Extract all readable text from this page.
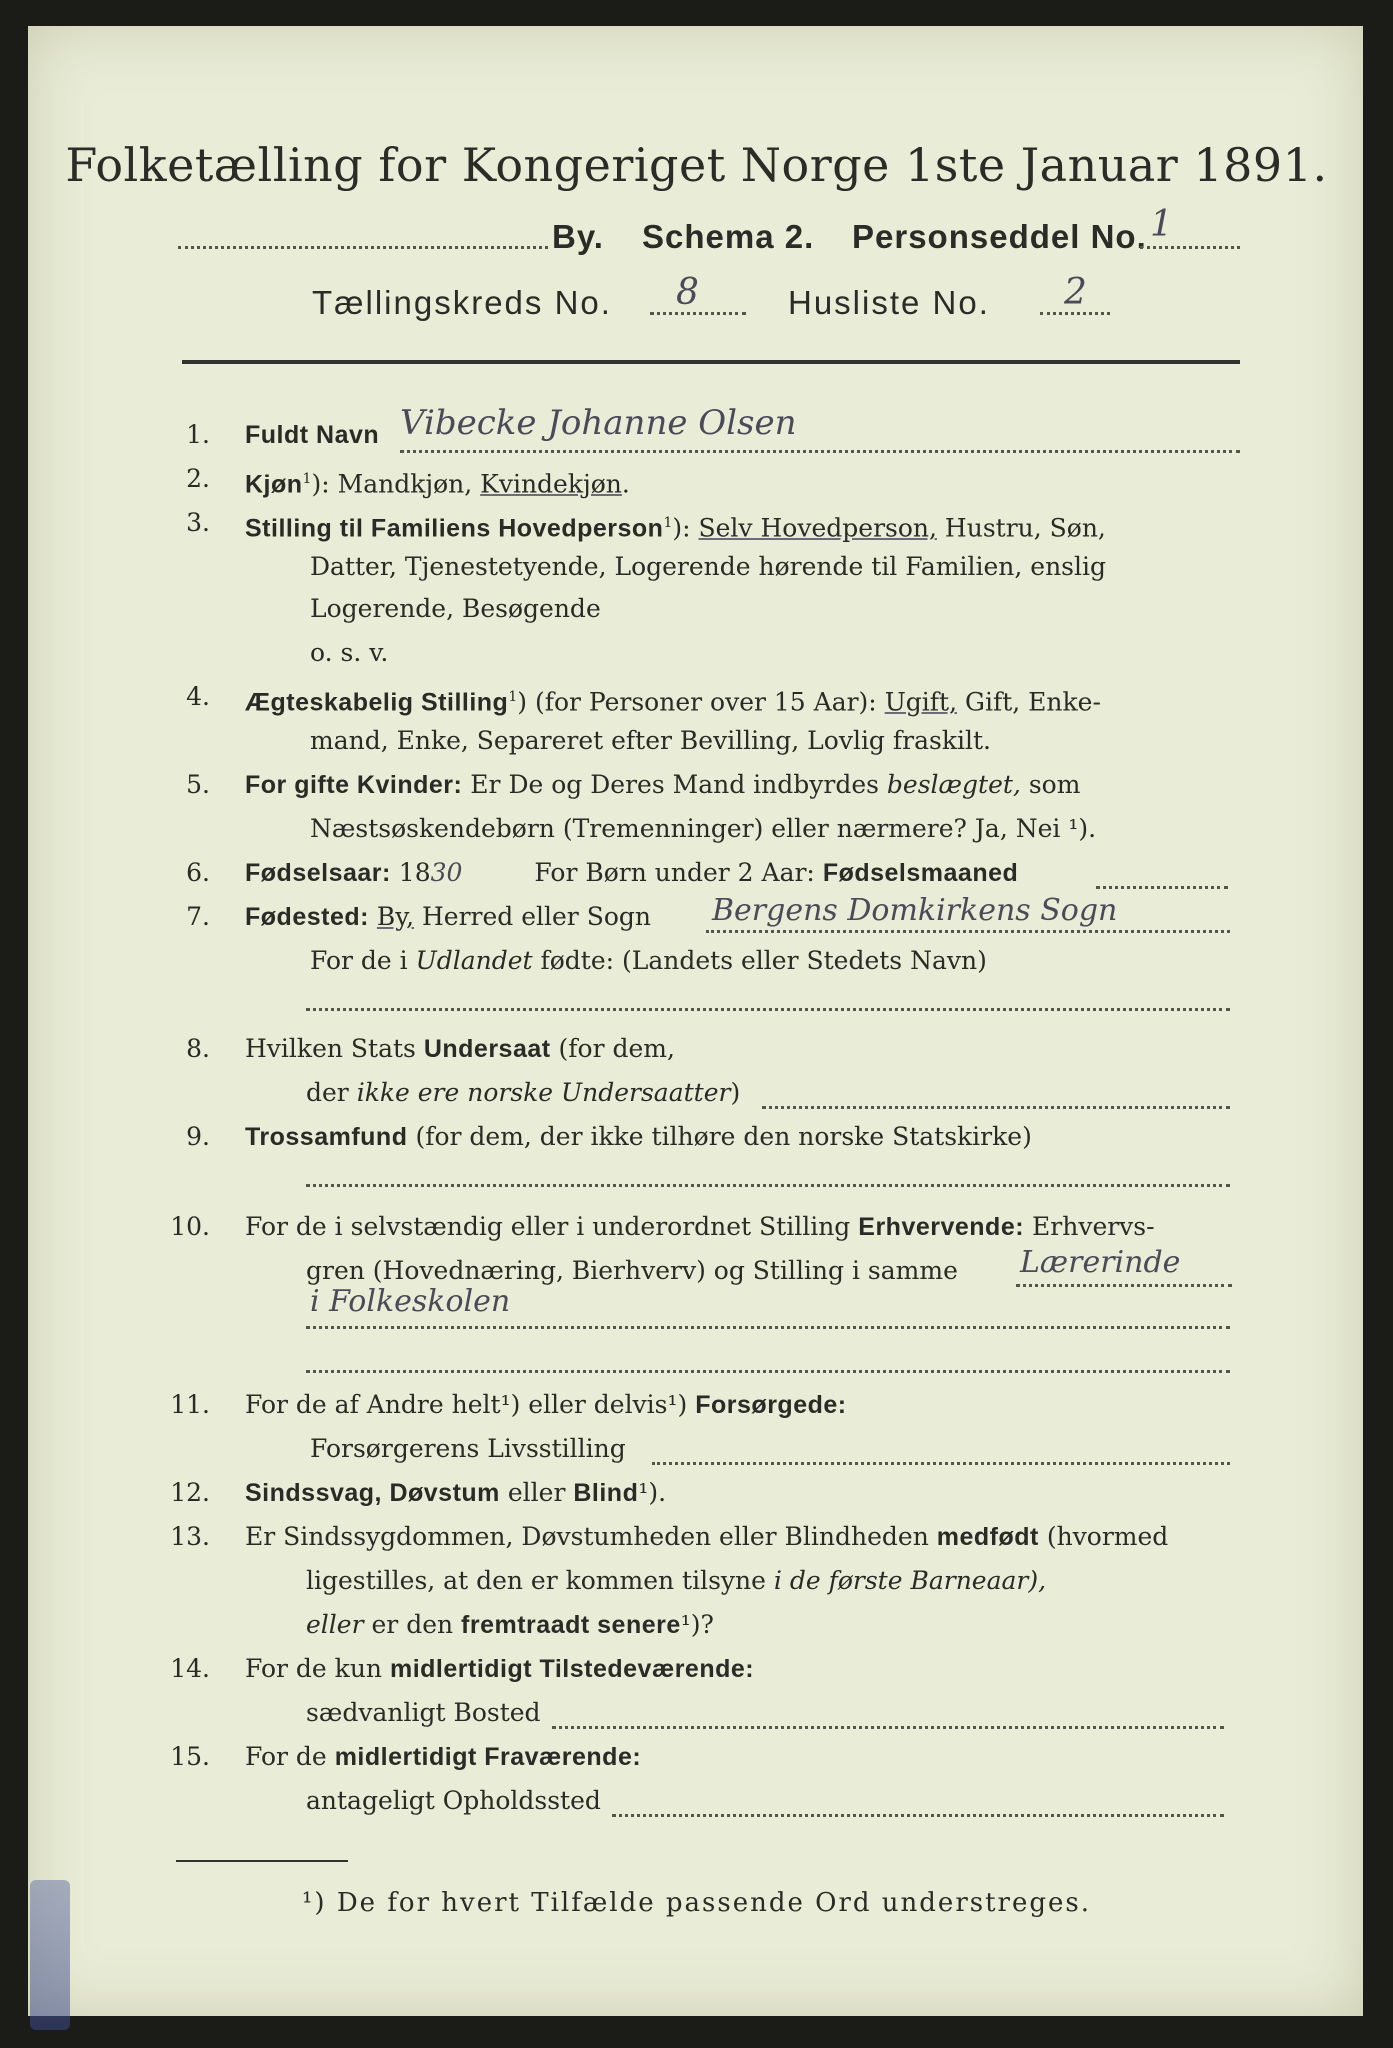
Folketælling for Kongeriget Norge 1ste Januar 1891.
By. Schema 2. Personseddel No. 1
Tællingskreds No. 8	Husliste No. 2
1. Fuldt Navn Vibecke Johanne Olsen
2. Kjøn$^1$): Mandkjøn, Kvindekjøn.
3. Stilling til Familiens Hovedperson$^1$): Selv Hovedperson, Hustru, Søn,
Datter, Tjenestetyende, Logerende hørende til Familien, enslig
Logerende, Besøgende
o. s. v.
4. Ægteskabelig Stilling$^1$) (for Personer over 15 Aar): Ugift, Gift, Enke-
mand, Enke, Separeret efter Bevilling, Lovlig fraskilt.
5. For gifte Kvinder: Er De og Deres Mand indbyrdes beslægtet, som
Næstsøskendebørn (Tremenninger) eller nærmere? Ja, Nei ¹).
6. Fødselsaar: 1830	For Børn under 2 Aar: Fødselsmaaned
7. Fødested: By, Herred eller Sogn Bergens Domkirkens Sogn
For de i Udlandet fødte: (Landets eller Stedets Navn)
8. Hvilken Stats Undersaat (for dem,
der ikke ere norske Undersaatter)
9. Trossamfund (for dem, der ikke tilhøre den norske Statskirke)
10. For de i selvstændig eller i underordnet Stilling Erhvervende: Erhvervs-
gren (Hovednæring, Bierhverv) og Stilling i samme Lærerinde
i Folkeskolen
11. For de af Andre helt¹) eller delvis¹) Forsørgede:
Forsørgerens Livsstilling
12. Sindssvag, Døvstum eller Blind¹).
13. Er Sindssygdommen, Døvstumheden eller Blindheden medfødt (hvormed
ligestilles, at den er kommen tilsyne i de første Barneaar),
eller er den fremtraadt senere¹)?
14. For de kun midlertidigt Tilstedeværende:
sædvanligt Bosted
15. For de midlertidigt Fraværende:
antageligt Opholdssted
¹) De for hvert Tilfælde passende Ord understreges.
